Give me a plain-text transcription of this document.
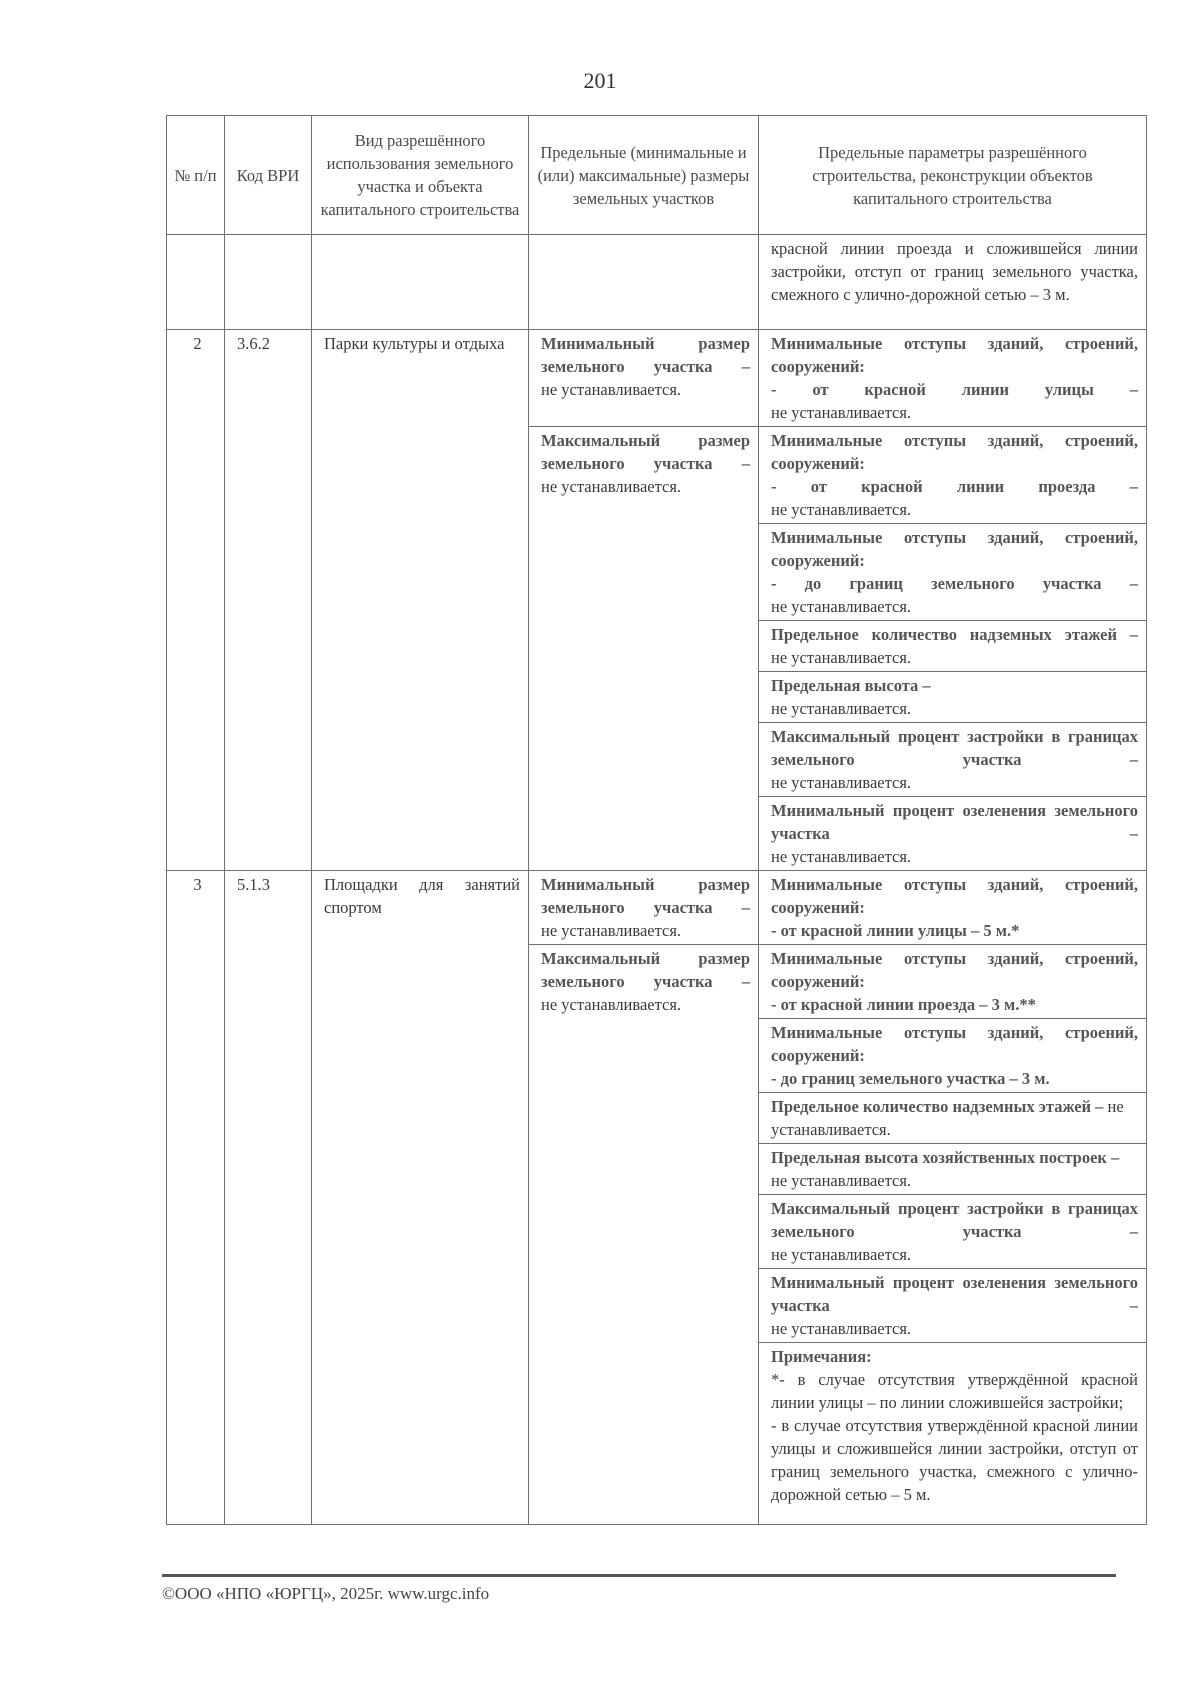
201
№ п/п	Код ВРИ	Вид разрешённого использования земельного участка и объекта капитального строительства	Предельные (минимальные и (или) максимальные) размеры земельных участков	Предельные параметры разрешённого строительства, реконструкции объектов капитального строительства
				красной линии проезда и сложившейся линии застройки, отступ от границ земельного участка, смежного с улично-дорожной сетью – 3 м.
2	3.6.2	Парки культуры и отдыха	Минимальный размер земельного участка –
не устанавливается.	Минимальные отступы зданий, строений, сооружений:
- от красной линии улицы –
не устанавливается.

			Максимальный размер земельного участка –
не устанавливается.	Минимальные отступы зданий, строений, сооружений:
- от красной линии проезда –
не устанавливается.

				Минимальные отступы зданий, строений, сооружений:
- до границ земельного участка –
не устанавливается.

				Предельное количество надземных этажей –
не устанавливается.

				Предельная высота –
не устанавливается.

				Максимальный процент застройки в границах земельного участка –
не устанавливается.

				Минимальный процент озеленения земельного участка –
не устанавливается.

3	5.1.3	Площадки для занятий спортом	Минимальный размер земельного участка –
не устанавливается.	Минимальные отступы зданий, строений, сооружений:
- от красной линии улицы – 5 м.*

			Максимальный размер земельного участка –
не устанавливается.	Минимальные отступы зданий, строений, сооружений:
- от красной линии проезда – 3 м.**

				Минимальные отступы зданий, строений, сооружений:
- до границ земельного участка – 3 м.

				Предельное количество надземных этажей – не устанавливается.
				Предельная высота хозяйственных построек – не устанавливается.

				Максимальный процент застройки в границах земельного участка –
не устанавливается.

				Минимальный процент озеленения земельного участка –
не устанавливается.

				Примечания:
*- в случае отсутствия утверждённой красной линии улицы – по линии сложившейся застройки;
- в случае отсутствия утверждённой красной линии улицы и сложившейся линии застройки, отступ от границ земельного участка, смежного с улично-дорожной сетью – 5 м.
©ООО «НПО «ЮРГЦ», 2025г. www.urgc.info
